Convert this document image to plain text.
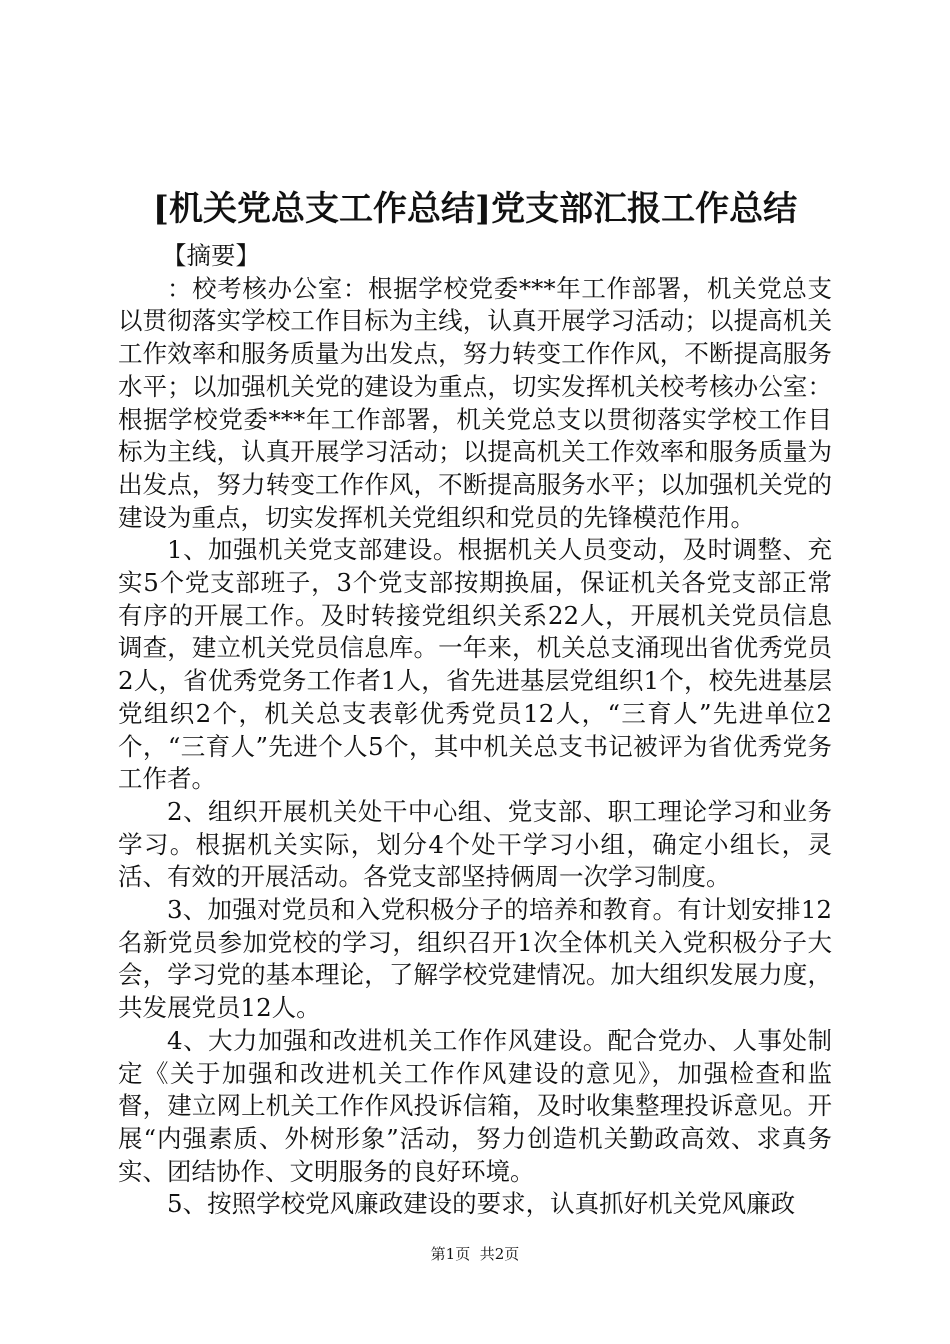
[机关党总支工作总结]党支部汇报工作总结

【摘要】

：校考核办公室：根据学校党委***年工作部署，机关党总支以贯彻落实学校工作目标为主线，认真开展学习活动；以提高机关工作效率和服务质量为出发点，努力转变工作作风，不断提高服务水平；以加强机关党的建设为重点，切实发挥机关校考核办公室：根据学校党委***年工作部署，机关党总支以贯彻落实学校工作目标为主线，认真开展学习活动；以提高机关工作效率和服务质量为出发点，努力转变工作作风，不断提高服务水平；以加强机关党的建设为重点，切实发挥机关党组织和党员的先锋模范作用。

1、加强机关党支部建设。根据机关人员变动，及时调整、充实5个党支部班子，3个党支部按期换届，保证机关各党支部正常有序的开展工作。及时转接党组织关系22人，开展机关党员信息调查，建立机关党员信息库。一年来，机关总支涌现出省优秀党员2人，省优秀党务工作者1人，省先进基层党组织1个，校先进基层党组织2个，机关总支表彰优秀党员12人，“三育人”先进单位2个，“三育人”先进个人5个，其中机关总支书记被评为省优秀党务工作者。

2、组织开展机关处干中心组、党支部、职工理论学习和业务学习。根据机关实际，划分4个处干学习小组，确定小组长，灵活、有效的开展活动。各党支部坚持俩周一次学习制度。

3、加强对党员和入党积极分子的培养和教育。有计划安排12名新党员参加党校的学习，组织召开1次全体机关入党积极分子大会，学习党的基本理论，了解学校党建情况。加大组织发展力度，共发展党员12人。

4、大力加强和改进机关工作作风建设。配合党办、人事处制定《关于加强和改进机关工作作风建设的意见》，加强检查和监督，建立网上机关工作作风投诉信箱，及时收集整理投诉意见。开展“内强素质、外树形象”活动，努力创造机关勤政高效、求真务实、团结协作、文明服务的良好环境。

5、按照学校党风廉政建设的要求，认真抓好机关党风廉政

第1页 共2页
